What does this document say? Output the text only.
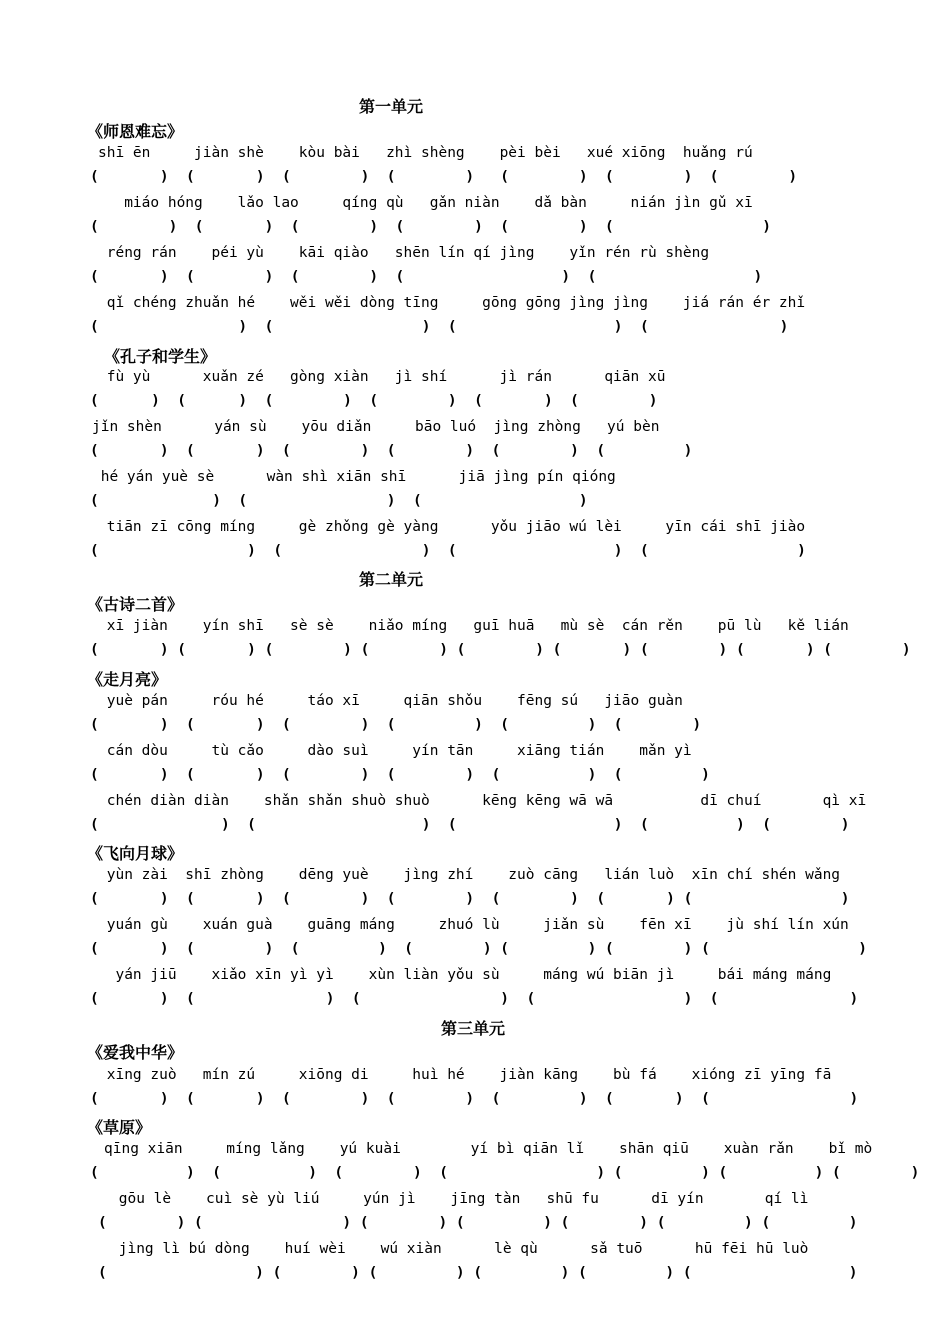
第一单元
《师恩难忘》
shī ēn     jiàn shè    kòu bài   zhì shèng    pèi bèi   xué xiōng  huǎng rú
(       )  (       )  (        )  (        )   (        )  (        )  (        )
miáo hóng    lǎo lao     qíng qù   gǎn niàn    dǎ bàn     nián jìn gǔ xī
(        )  (       )  (        )  (        )  (        )  (                 )
réng rán    péi yù    kāi qiào   shēn lín qí jìng    yǐn rén rù shèng
(       )  (        )  (        )  (                  )  (                  )
qǐ chéng zhuǎn hé    wěi wěi dòng tīng     gōng gōng jìng jìng    jiá rán ér zhǐ
(                )  (                 )  (                  )  (               )
《孔子和学生》
fù yù      xuǎn zé   gòng xiàn   jì shí      jì rán      qiān xū
(      )  (      )  (        )  (        )  (       )  (        )
jǐn shèn      yán sù    yōu diǎn     bāo luó  jìng zhòng   yú bèn
(       )  (       )  (        )  (        )  (        )  (         )
hé yán yuè sè      wàn shì xiān shī      jiā jìng pín qióng
(             )  (                )  (                  )
tiān zī cōng míng     gè zhǒng gè yàng      yǒu jiāo wú lèi     yīn cái shī jiào
(                 )  (                )  (                  )  (                 )
第二单元
《古诗二首》
xī jiàn    yín shī   sè sè    niǎo míng   guī huā   mù sè  cán rěn    pū lù   kě lián
(       ) (       ) (        ) (        ) (        ) (       ) (        ) (       ) (        )
《走月亮》
yuè pán     róu hé     táo xī     qiān shǒu    fēng sú   jiāo guàn
(       )  (       )  (        )  (         )  (         )  (        )
cán dòu     tù cǎo     dào suì     yín tān     xiāng tián    mǎn yì
(       )  (       )  (        )  (        )  (          )  (         )
chén diàn diàn    shǎn shǎn shuò shuò      kēng kēng wā wā          dī chuí       qì xī
(              )  (                   )  (                  )  (          )  (        )
《飞向月球》
yùn zài  shī zhòng    dēng yuè    jìng zhí    zuò cāng   lián luò  xīn chí shén wǎng
(       )  (       )  (        )  (        )  (        )  (       ) (                 )
yuán gù    xuán guà    guāng máng     zhuó lù     jiǎn sù    fēn xī    jù shí lín xún
(       )  (        )  (         )  (        ) (         ) (        ) (                 )
yán jiū    xiǎo xīn yì yì    xùn liàn yǒu sù     máng wú biān jì     bái máng máng
(       )  (               )  (                )  (                 )  (               )
第三单元
《爱我中华》
xīng zuò   mín zú     xiōng di     huì hé    jiàn kāng    bù fá    xióng zī yīng fā
(       )  (       )  (        )  (        )  (         )  (       )  (                )
《草原》
qīng xiān     míng lǎng    yú kuài        yí bì qiān lǐ    shān qiū    xuàn rǎn    bǐ mò
(          )  (          )  (        )  (                 ) (         ) (          ) (        )
gōu lè    cuì sè yù liú     yún jì    jīng tàn   shū fu      dī yín       qí lì
(        ) (                ) (        ) (         ) (        ) (         ) (         )
jìng lì bú dòng    huí wèi    wú xiàn      lè qù      sǎ tuō      hū fēi hū luò
(                 ) (        ) (         ) (         ) (         ) (                  )
